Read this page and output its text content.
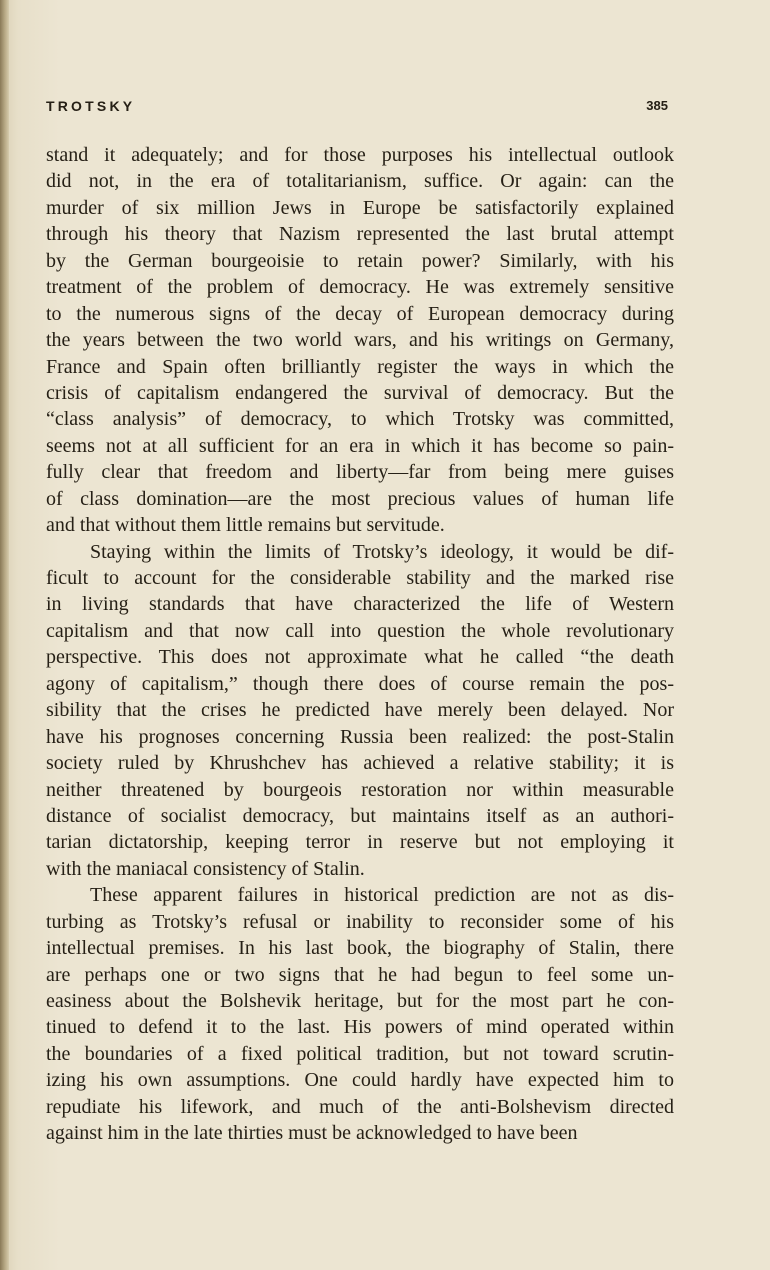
TROTSKY	385
stand it adequately; and for those purposes his intellectual outlook
did not, in the era of totalitarianism, suffice. Or again: can the
murder of six million Jews in Europe be satisfactorily explained
through his theory that Nazism represented the last brutal attempt
by the German bourgeoisie to retain power? Similarly, with his
treatment of the problem of democracy. He was extremely sensitive
to the numerous signs of the decay of European democracy during
the years between the two world wars, and his writings on Germany,
France and Spain often brilliantly register the ways in which the
crisis of capitalism endangered the survival of democracy. But the
“class analysis” of democracy, to which Trotsky was committed,
seems not at all sufficient for an era in which it has become so pain-
fully clear that freedom and liberty—far from being mere guises
of class domination—are the most precious values of human life
and that without them little remains but servitude.
Staying within the limits of Trotsky’s ideology, it would be dif-
ficult to account for the considerable stability and the marked rise
in living standards that have characterized the life of Western
capitalism and that now call into question the whole revolutionary
perspective. This does not approximate what he called “the death
agony of capitalism,” though there does of course remain the pos-
sibility that the crises he predicted have merely been delayed. Nor
have his prognoses concerning Russia been realized: the post-Stalin
society ruled by Khrushchev has achieved a relative stability; it is
neither threatened by bourgeois restoration nor within measurable
distance of socialist democracy, but maintains itself as an authori-
tarian dictatorship, keeping terror in reserve but not employing it
with the maniacal consistency of Stalin.
These apparent failures in historical prediction are not as dis-
turbing as Trotsky’s refusal or inability to reconsider some of his
intellectual premises. In his last book, the biography of Stalin, there
are perhaps one or two signs that he had begun to feel some un-
easiness about the Bolshevik heritage, but for the most part he con-
tinued to defend it to the last. His powers of mind operated within
the boundaries of a fixed political tradition, but not toward scrutin-
izing his own assumptions. One could hardly have expected him to
repudiate his lifework, and much of the anti-Bolshevism directed
against him in the late thirties must be acknowledged to have been
